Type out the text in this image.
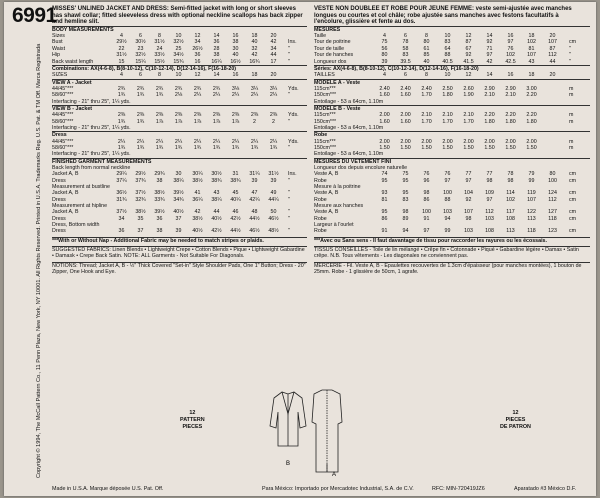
6991
Copyright © 1994, The McCall Pattern Co., 11 Penn Plaza, New York, NY 10001. All Rights Reserved. Printed in U.S.A. Trademarks Reg. U.S. Pat. & TM Off. Marca Registrada
MISSES' UNLINED JACKET AND DRESS: Semi-fitted jacket with long or short sleeves has shawl collar; fitted sleeveless dress with optional neckline scallops has back zipper and hemline slit.
BODY MEASUREMENTS
Sizes	4	6	8	10 12 14 16 18 20
Bust	29½ 30½ 31½ 32½ 34 36 38 40 42	Ins.
Waist	22 23 24 25 26½ 28 30 32 34	"
Hip	31½ 32½ 33½ 34½ 36 38 40 42 44	"
Back waist length	15 15¼ 15½ 15¾ 16 16¼ 16½ 16¾ 17	"
Combinations: AX(4-6-8), B(8-10-12), C(10-12-14), D(12-14-16), F(16-18-20)
SIZES	4	6	8	10 12 14 16 18 20
VIEW A - Jacket
44/45"***	2¾ 2¾ 2¾ 2¾ 2¾ 2¾ 3⅛ 3¼ 3¼	Yds.
58/60"***	1¾ 1¾ 1¾ 2⅛ 2¼ 2¼ 2¼ 2¼ 2¼	"
Interfacing - 21" thru 25", 1¼ yds.
VIEW B - Jacket
44/45"***	2⅜ 2⅜ 2⅜ 2⅜ 2⅜ 2⅜ 2⅜ 2⅜ 2⅜	Yds.
58/60"***	1¾ 1¾ 1⅞ 1⅞ 1⅞ 1⅞ 1⅞	2	2	"
Interfacing - 21" thru 25", 1¼ yds.
Dress
44/45"***	2¼ 2¼ 2¼ 2¼ 2¼ 2¼ 2¼ 2¼ 2¼	Yds.
58/60"***	1¾ 1¾ 1¾ 1¾ 1¾ 1¾ 1¾ 1¾ 1¾	"
Interfacing - 21" thru 25", 1¼ yds.
FINISHED GARMENT MEASUREMENTS
Back length from normal neckline
Jacket A, B	29¼ 29½ 29¾ 30 30¼ 30½ 31 31¼ 31½	Ins.
Dress	37¼ 37¾ 38 38¼ 38½ 38¾ 38¾ 39 39	"
Measurement at bustline
Jacket A, B	36½ 37½ 38½ 39½ 41 43 45 47 49	"
Dress	31¾ 32¾ 33¾ 34¾ 36¼ 38¼ 40¼ 42¼ 44¼	"
Measurement at hipline
Jacket A, B	37½ 38½ 39½ 40½ 42 44 46 48 50	"
Dress	34 35 36 37 38½ 40½ 42½ 44½ 46½	"
Dress, Bottom width
Dress	36 37 38 39 40½ 42½ 44½ 46½ 48½	"
***With or Without Nap - Additional Fabric may be needed to match stripes or plaids.
SUGGESTED FABRICS: Linen Blends • Lightweight Crepe • Cotton Blends • Pique • Lightweight Gabardine • Damask • Crepe Back Satin. NOTE: ALL Garments - Not Suitable For Diagonals.
NOTIONS: Thread; Jacket A, B - ½" Thick Covered "Set-in" Style Shoulder Pads, One 1" Button; Dress - 20" Zipper, One Hook and Eye.
VESTE NON DOUBLEE ET ROBE POUR JEUNE FEMME: veste semi-ajustée avec manches longues ou courtes et col châle; robe ajustée sans manches avec festons facultatifs à l'encolure, glissière et fente au dos.
MESURES
Taille	4	6	8	10	12	14	16	18	20
Tour de poitrine	75	78	80	83	87	92	97	102 107	cm
Tour de taille	56	58	61	64	67	71	76	81	87	"
Tour de hanches	80	83	85	88	92	97	102 107 112	"
Longueur dos	39 39.5 40 40.5 41.5 42 42.5 43	44	"
Séries: AX(4-6-8), B(8-10-12), C(10-12-14), D(12-14-16), F(16-18-20)
TAILLES	4	6	8	10	12	14	16	18	20
MODELE A - Veste
115cm***	2.40 2.40 2.40 2.50 2.60 2.90 2.90 3.00	m
150cm***	1.60 1.60 1.70 1.80 1.90 2.10 2.10 2.20	m
Entoilage - 53 a 64cm, 1.10m
MODELE B - Veste
115cm***	2.00 2.00 2.10 2.10 2.10 2.20 2.20 2.20	m
150cm***	1.60 1.60 1.70 1.70 1.70 1.80 1.80 1.80	m
Entoilage - 53 a 64cm, 1.10m
Robe
115cm***	2.00 2.00 2.00 2.00 2.00 2.00 2.00 2.00	m
150cm***	1.50 1.50 1.50 1.50 1.50 1.50 1.50 1.50	m
Entoilage - 53 a 64cm, 1.10m
MESURES DU VETEMENT FINI
Longueur dos depuis encolure naturelle
Veste A, B	74	75	76	76	77	77	78	79	80	cm
Robe	95	95	96	97	97	98	98	99	100	cm
Mesure à la poitrine
Veste A, B	93	95	98	100 104 109 114 119 124	cm
Robe	81	83	86	88	92	97	102 107 112	cm
Mesure aux hanches
Veste A, B	95	98	100 103 107 112 117 122 127	cm
Robe	86	89	91	94	98	103 108 113 118	cm
Largeur à l'ourlet
Robe	91	94	97	99	103 108 113 118 123	cm
***Avec ou Sans sens - Il faut davantage de tissu pour raccorder les rayures ou les écossais.
TISSUS CONSEILLES - Toile de lin mélangé • Crêpe fin • Cotonnade • Piqué • Gabardine légère • Damas • Satin crêpe. N.B. Tous vêtements - Les diagonales ne conviennent pas.
MERCERIE - Fil. Veste A, B - Epaulettes recouvertes de 1.3cm d'épaisseur (pour manches montées), 1 bouton de 25mm. Robe - 1 glissière de 50cm, 1 agrafe.
12
PATTERN
PIECES
12
PIECES
DE PATRON
B
A
Made in U.S.A. Marque déposée U.S. Pat. Off.	Para México: Importado por Mercadotec Industrial, S.A. de C.V.	RFC: MIN-720419JZ6	Aparatado #3 México D.F.
